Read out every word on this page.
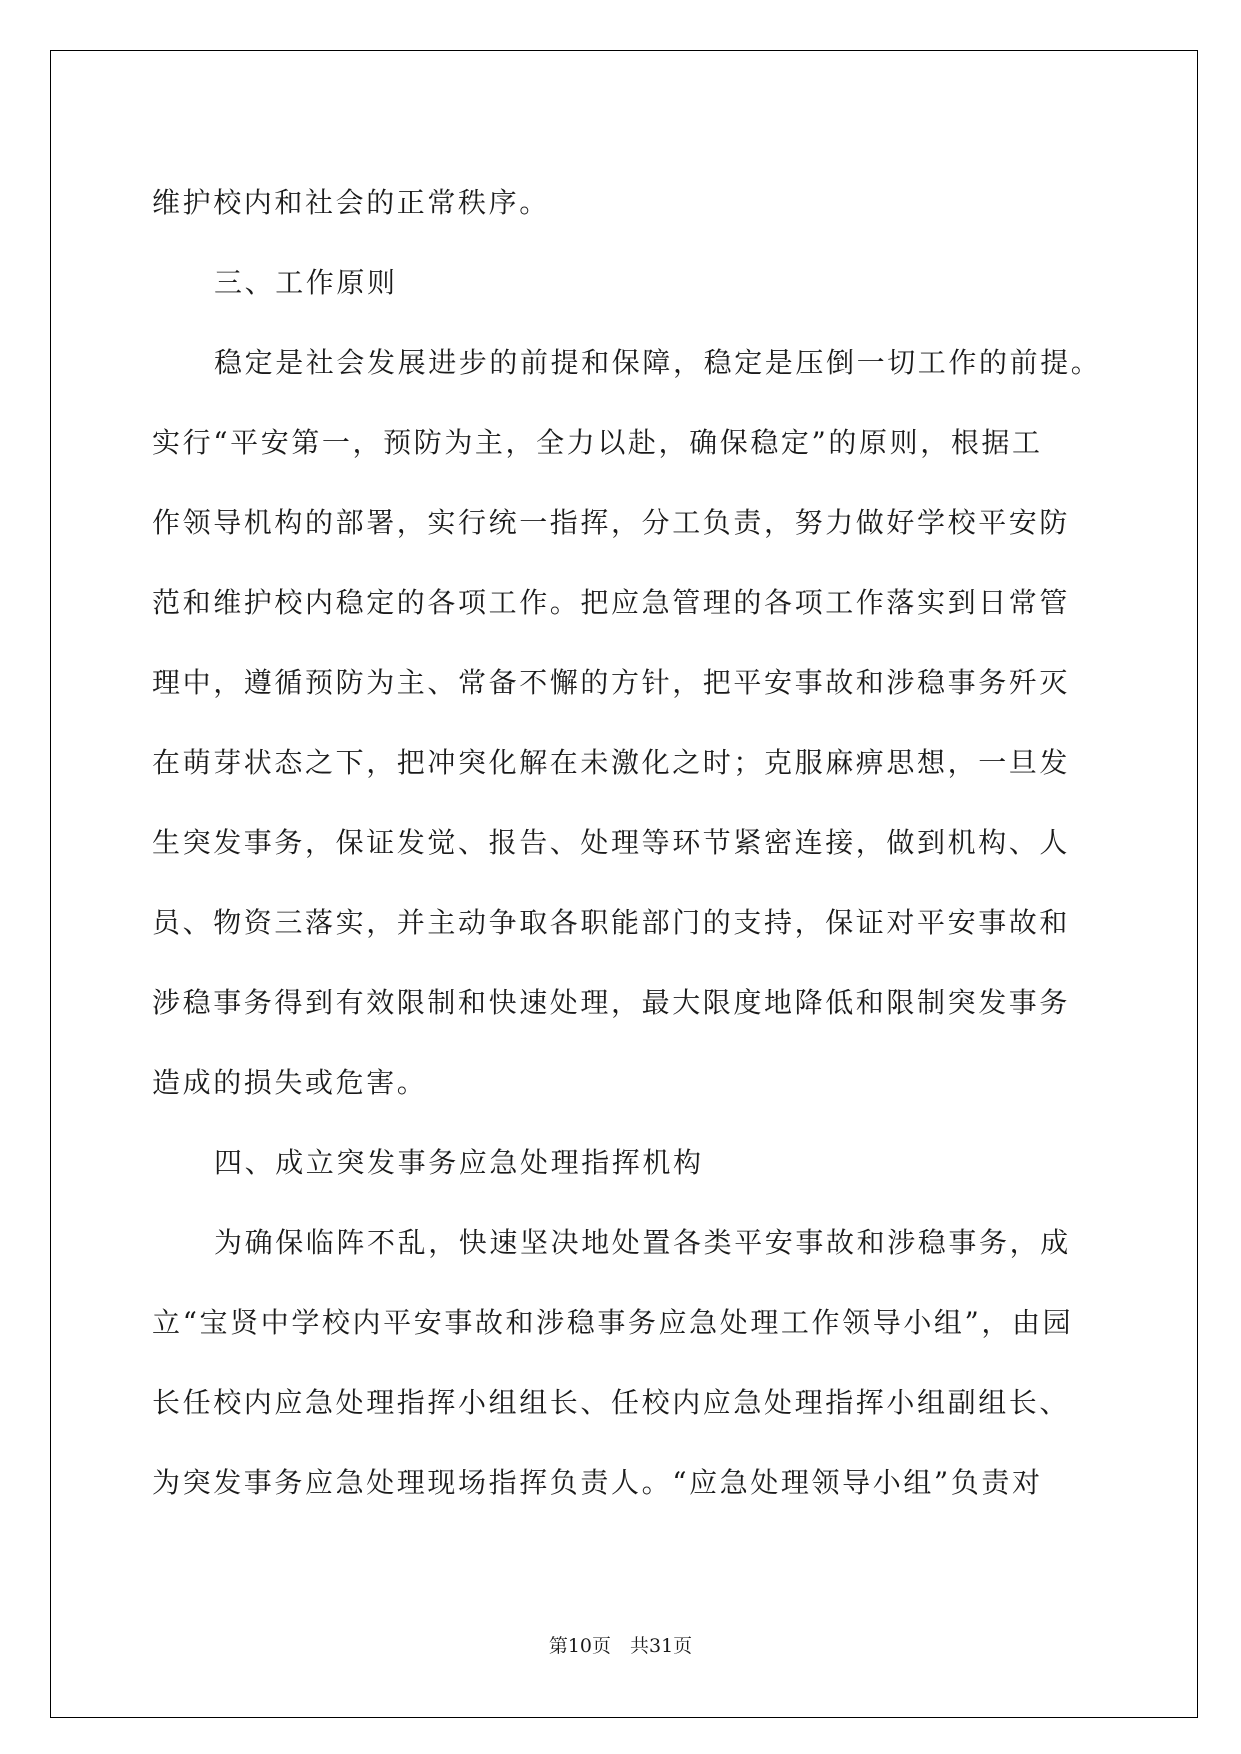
维护校内和社会的正常秩序。
三、工作原则
稳定是社会发展进步的前提和保障，稳定是压倒一切工作的前提。
实行“平安第一，预防为主，全力以赴，确保稳定”的原则，根据工
作领导机构的部署，实行统一指挥，分工负责，努力做好学校平安防
范和维护校内稳定的各项工作。把应急管理的各项工作落实到日常管
理中，遵循预防为主、常备不懈的方针，把平安事故和涉稳事务歼灭
在萌芽状态之下，把冲突化解在未激化之时；克服麻痹思想，一旦发
生突发事务，保证发觉、报告、处理等环节紧密连接，做到机构、人
员、物资三落实，并主动争取各职能部门的支持，保证对平安事故和
涉稳事务得到有效限制和快速处理，最大限度地降低和限制突发事务
造成的损失或危害。
四、成立突发事务应急处理指挥机构
为确保临阵不乱，快速坚决地处置各类平安事故和涉稳事务，成
立“宝贤中学校内平安事故和涉稳事务应急处理工作领导小组”，由园
长任校内应急处理指挥小组组长、任校内应急处理指挥小组副组长、
为突发事务应急处理现场指挥负责人。“应急处理领导小组”负责对
第10页　共31页
